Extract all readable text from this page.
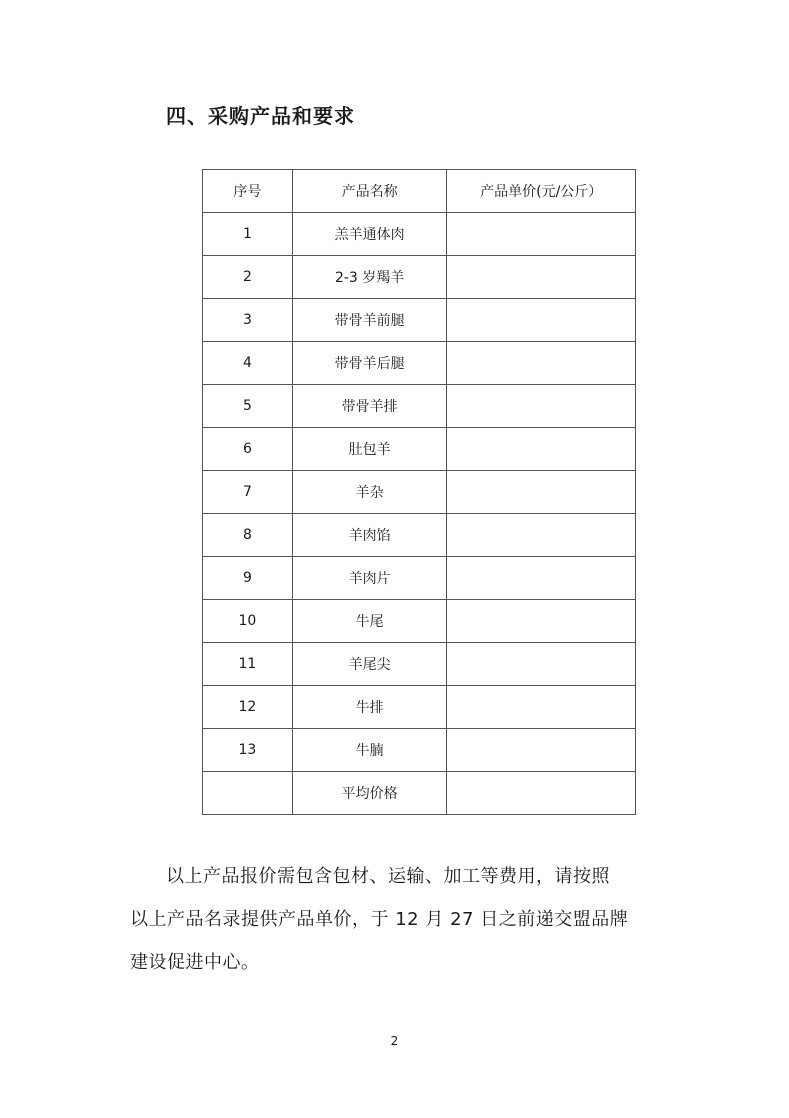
四、采购产品和要求
序号	产品名称	产品单价(元/公斤）
1	羔羊通体肉	
2	2-3 岁羯羊	
3	带骨羊前腿	
4	带骨羊后腿	
5	带骨羊排	
6	肚包羊	
7	羊杂	
8	羊肉馅	
9	羊肉片	
10	牛尾	
11	羊尾尖	
12	牛排	
13	牛腩	
	平均价格	

以上产品报价需包含包材、运输、加工等费用，请按照
以上产品名录提供产品单价，于 12 月 27 日之前递交盟品牌
建设促进中心。

2
